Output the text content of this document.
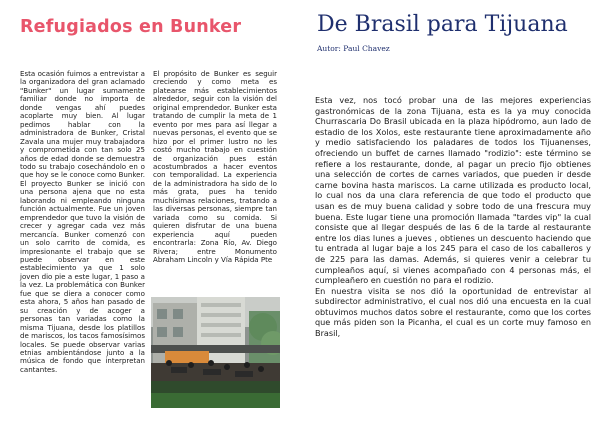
Refugiados en Bunker

Esta ocasión fuimos a entrevistar a la organizadora del gran aclamado "Bunker" un lugar sumamente familiar donde no importa de donde vengas ahí puedes acoplarte muy bien. Al lugar pedimos hablar con la administradora de Bunker, Cristal Zavala una mujer muy trabajadora y comprometida con tan solo 25 años de edad donde se demuestra todo su trabajo cosechándolo en o que hoy se le conoce como Bunker. El proyecto Bunker se inició con una persona ajena que no esta laborando ni empleando ninguna función actualmente. Fue un joven emprendedor que tuvo la visión de crecer y agregar cada vez más mercancía. Bunker comenzó con un solo carrito de comida, es impresionante el trabajo que se puede observar en este establecimiento ya que 1 solo joven dio pie a este lugar, 1 paso a la vez. La problemática con Bunker fue que se diera a conocer como esta ahora, 5 años han pasado de su creación y de acoger a personas tan variadas como la misma Tijuana, desde los platillos de mariscos, los tacos famosísimos locales. Se puede observar varias etnias ambientándose junto a la música de fondo que interpretan cantantes.

El propósito de Bunker es seguir creciendo y como meta es platearse más establecimientos alrededor, seguir con la visión del original emprendedor. Bunker esta tratando de cumplir la meta de 1 evento por mes para así llegar a nuevas personas, el evento que se hizo por el primer lustro no les costó mucho trabajo en cuestión de organización pues están acostumbrados a hacer eventos con temporalidad. La experiencia de la administradora ha sido de lo más grata, pues ha tenido muchísimas relaciones, tratando a las diversas personas, siempre tan variada como su comida. Si quieren disfrutar de una buena experiencia aquí pueden encontrarla: Zona Río, Av. Diego Rivera; entre Monumento Abraham Lincoln y Vía Rápida Pte

De Brasil para Tijuana
Autor: Paul Chavez

Esta vez, nos tocó probar una de las mejores experiencias gastronómicas de la zona Tijuana, esta es la ya muy conocida Churrascaria Do Brasil ubicada en la plaza hipódromo, aun lado de estadio de los Xolos, este restaurante tiene aproximadamente año y medio satisfaciendo los paladares de todos los Tijuanenses, ofreciendo un buffet de carnes llamado "rodizio": este término se refiere a los restaurante, donde, al pagar un precio fijo obtienes una selección de cortes de carnes variados, que pueden ir desde carne bovina hasta mariscos. La carne utilizada es producto local, lo cual nos da una clara referencia de que todo el producto que usan es de muy buena calidad y sobre todo de una frescura muy buena. Este lugar tiene una promoción llamada "tardes vip" la cual consiste que al llegar después de las 6 de la tarde al restaurante entre los dias lunes a jueves , obtienes un descuento haciendo que tu entrada al lugar baje a los 245 para el caso de los caballeros y de 225 para las damas. Además, si quieres venir a celebrar tu cumpleaños aquí, si vienes acompañado con 4 personas más, el cumpleañero en cuestión no para el rodizio.

En nuestra visita se nos dió la oportunidad de entrevistar al subdirector administrativo, el cual nos dió una encuesta en la cual obtuvimos muchos datos sobre el restaurante, como que los cortes que más piden son la Picanha, el cual es un corte muy famoso en Brasil,
